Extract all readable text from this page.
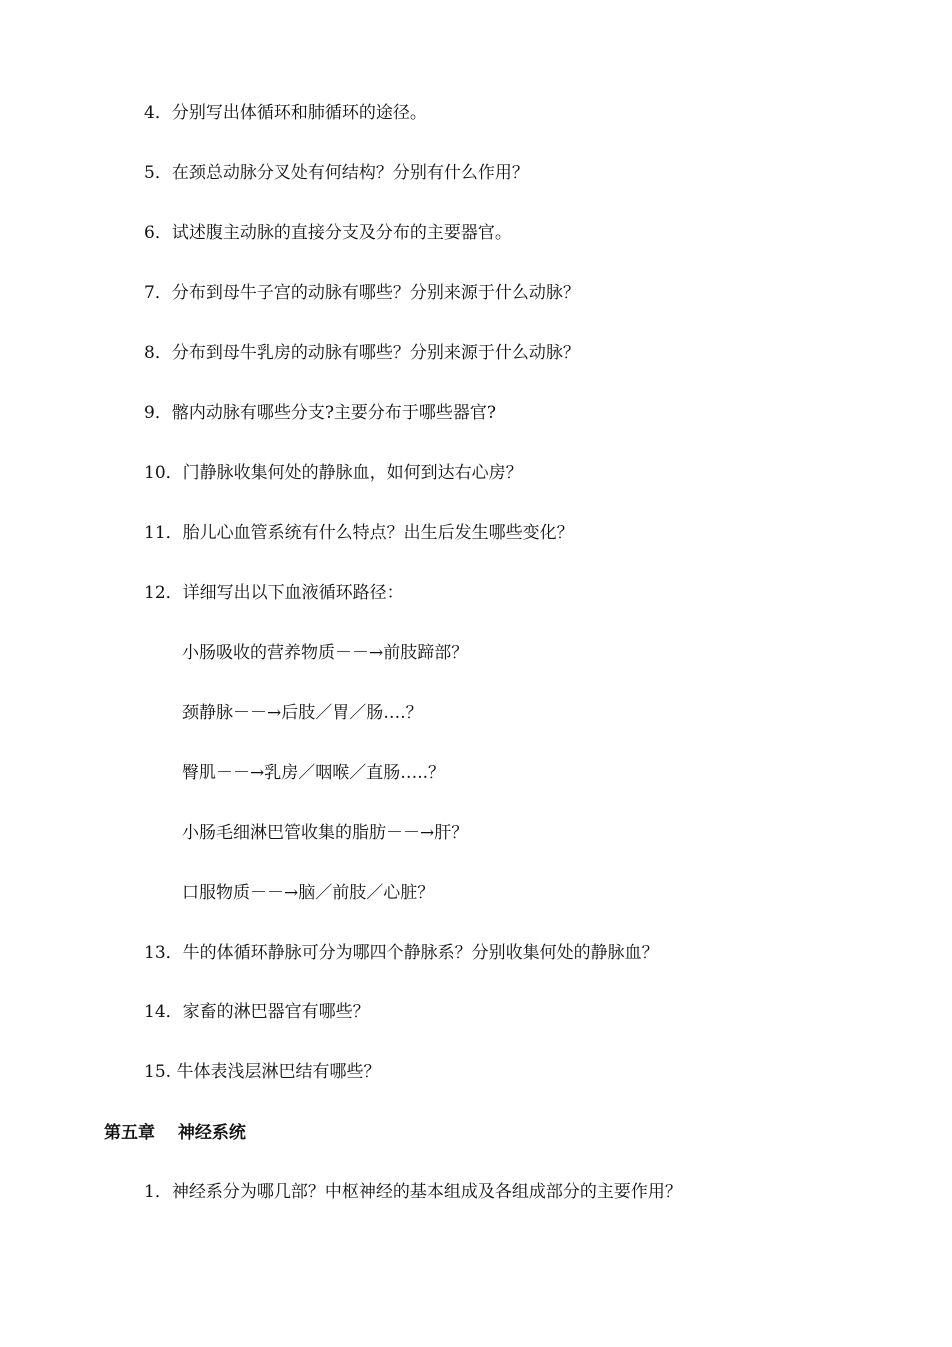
4．分别写出体循环和肺循环的途径。
5．在颈总动脉分叉处有何结构？分别有什么作用？
6．试述腹主动脉的直接分支及分布的主要器官。
7．分布到母牛子宫的动脉有哪些？分别来源于什么动脉？
8．分布到母牛乳房的动脉有哪些？分别来源于什么动脉？
9．髂内动脉有哪些分支?主要分布于哪些器官?
10．门静脉收集何处的静脉血，如何到达右心房？
11．胎儿心血管系统有什么特点？出生后发生哪些变化？
12．详细写出以下血液循环路径：
小肠吸收的营养物质－－→前肢蹄部？
颈静脉－－→后肢／胃／肠….？
臀肌－－→乳房／咽喉／直肠…..？
小肠毛细淋巴管收集的脂肪－－→肝？
口服物质－－→脑／前肢／心脏？
13．牛的体循环静脉可分为哪四个静脉系？分别收集何处的静脉血？
14．家畜的淋巴器官有哪些？
15. 牛体表浅层淋巴结有哪些？
第五章　 神经系统
1．神经系分为哪几部？中枢神经的基本组成及各组成部分的主要作用？
